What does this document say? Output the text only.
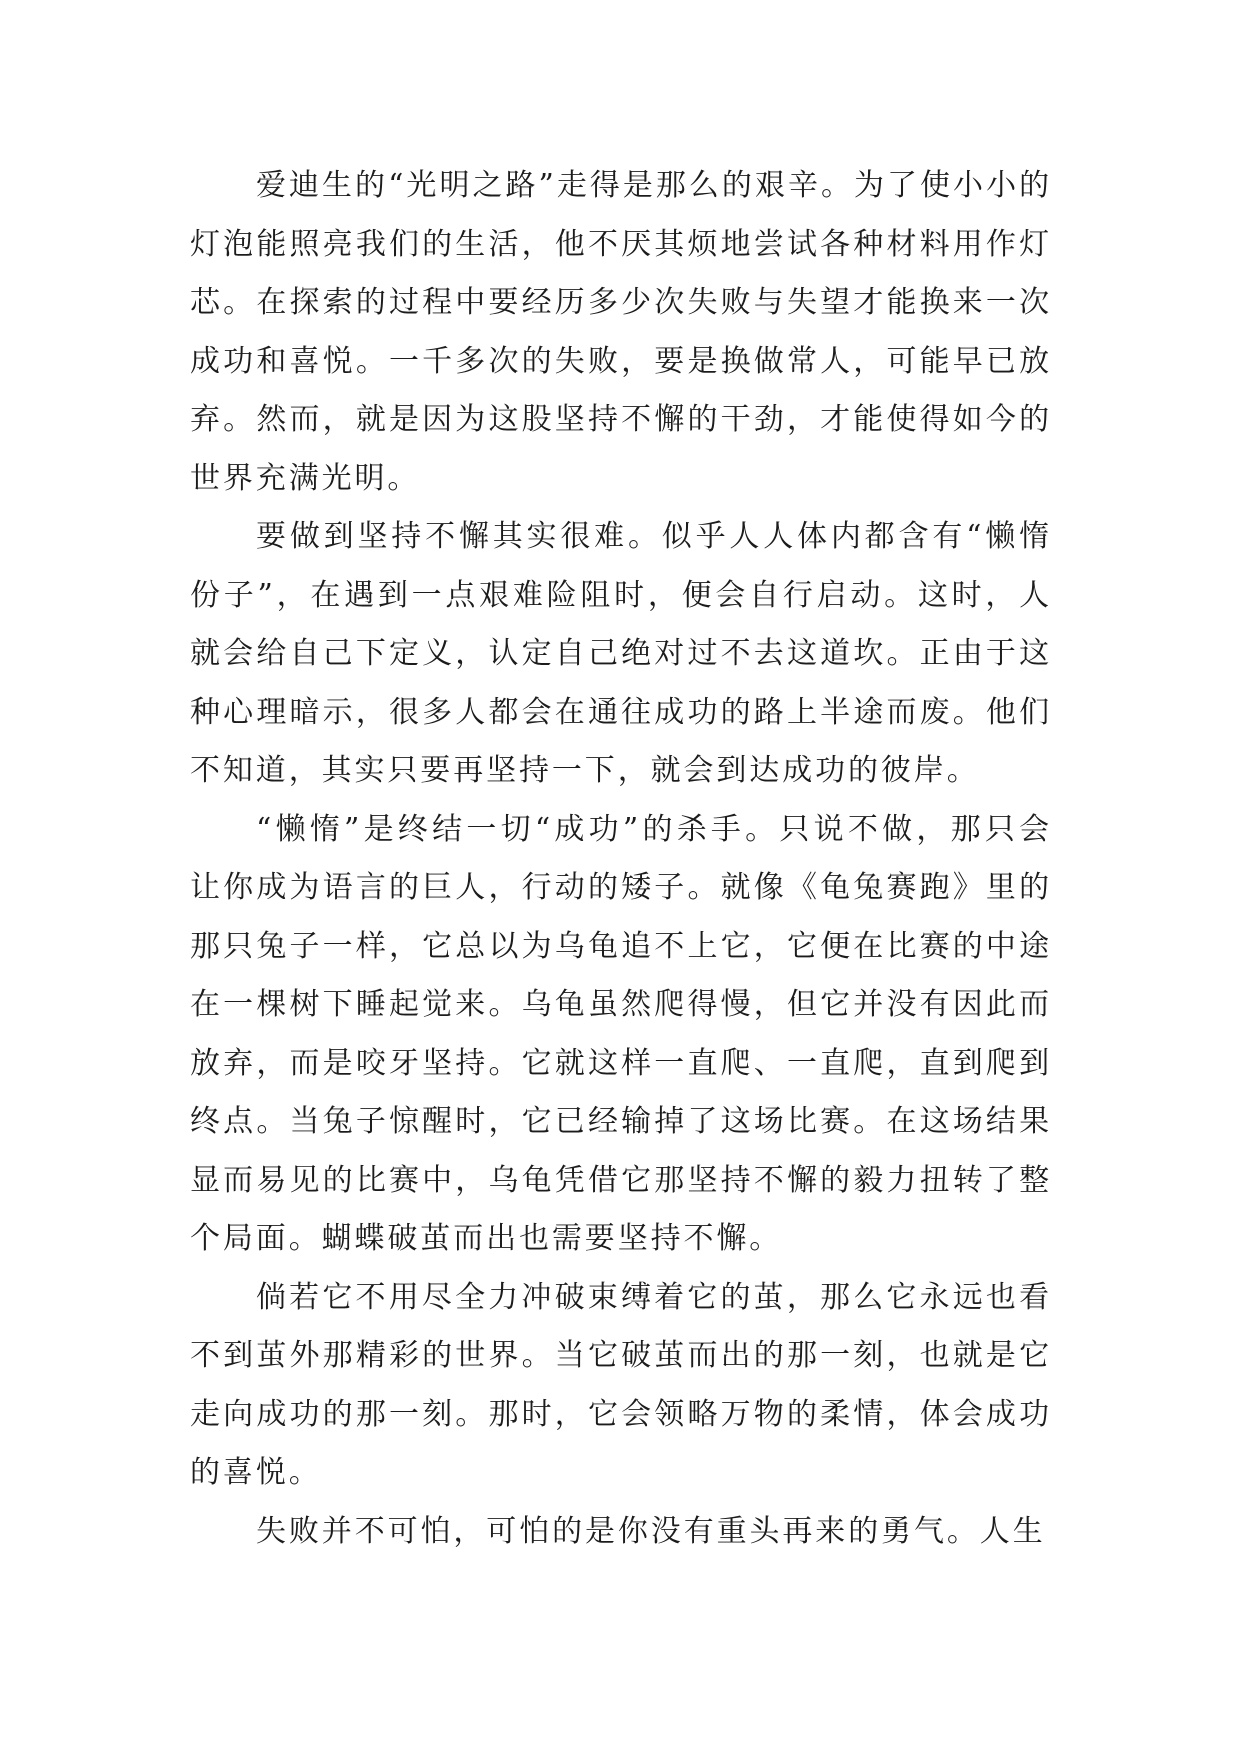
爱迪生的“光明之路”走得是那么的艰辛。为了使小小的灯泡能照亮我们的生活，他不厌其烦地尝试各种材料用作灯芯。在探索的过程中要经历多少次失败与失望才能换来一次成功和喜悦。一千多次的失败，要是换做常人，可能早已放弃。然而，就是因为这股坚持不懈的干劲，才能使得如今的世界充满光明。

要做到坚持不懈其实很难。似乎人人体内都含有“懒惰份子”，在遇到一点艰难险阻时，便会自行启动。这时，人就会给自己下定义，认定自己绝对过不去这道坎。正由于这种心理暗示，很多人都会在通往成功的路上半途而废。他们不知道，其实只要再坚持一下，就会到达成功的彼岸。

“懒惰”是终结一切“成功”的杀手。只说不做，那只会让你成为语言的巨人，行动的矮子。就像《龟兔赛跑》里的那只兔子一样，它总以为乌龟追不上它，它便在比赛的中途在一棵树下睡起觉来。乌龟虽然爬得慢，但它并没有因此而放弃，而是咬牙坚持。它就这样一直爬、一直爬，直到爬到终点。当兔子惊醒时，它已经输掉了这场比赛。在这场结果显而易见的比赛中，乌龟凭借它那坚持不懈的毅力扭转了整个局面。蝴蝶破茧而出也需要坚持不懈。

倘若它不用尽全力冲破束缚着它的茧，那么它永远也看不到茧外那精彩的世界。当它破茧而出的那一刻，也就是它走向成功的那一刻。那时，它会领略万物的柔情，体会成功的喜悦。

失败并不可怕，可怕的是你没有重头再来的勇气。人生
